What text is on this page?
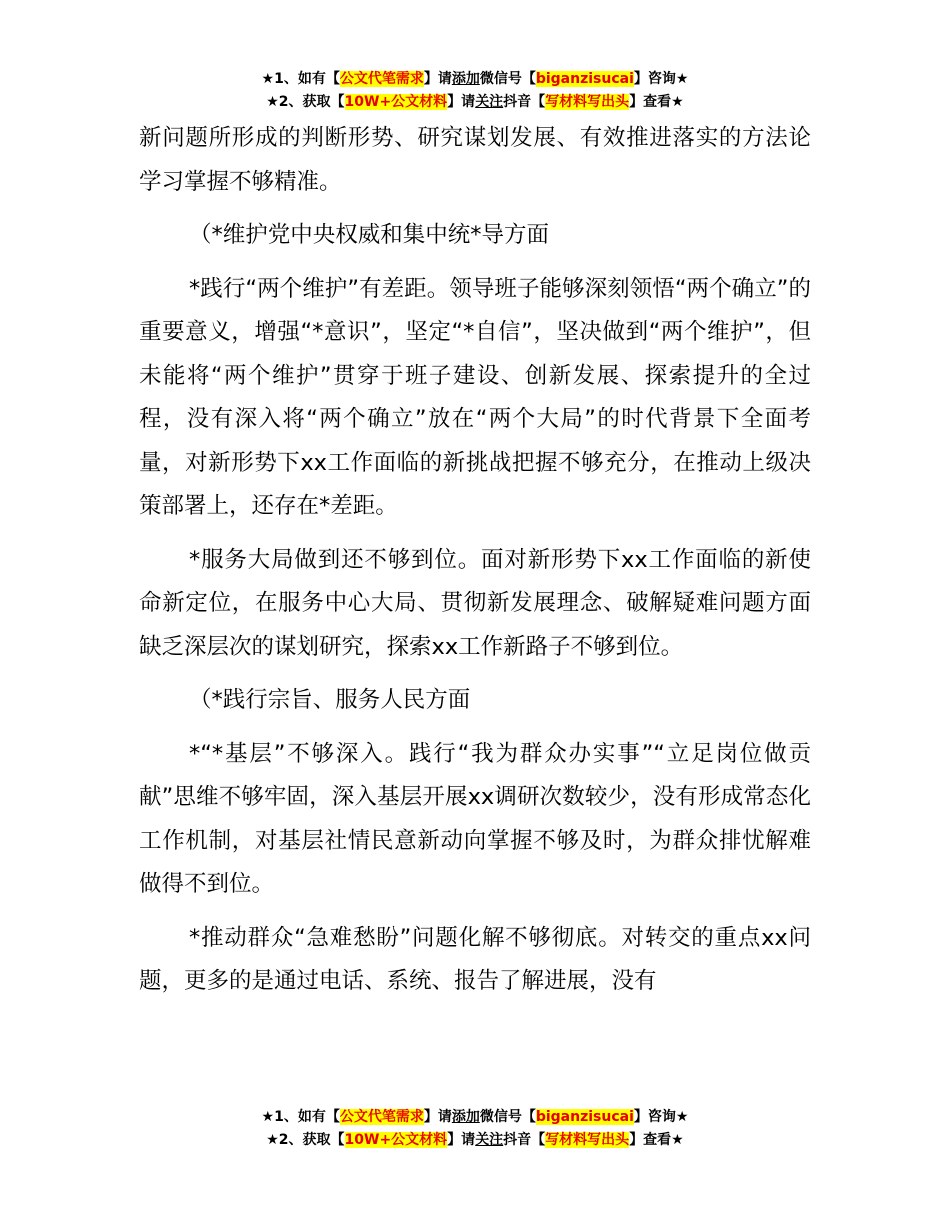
★1、如有【公文代笔需求】请添加微信号【biganzisucai】咨询★
★2、获取【10W+公文材料】请关注抖音【写材料写出头】查看★

新问题所形成的判断形势、研究谋划发展、有效推进落实的方法论学习掌握不够精准。

（*维护党中央权威和集中统*导方面

*践行“两个维护”有差距。领导班子能够深刻领悟“两个确立”的重要意义，增强“*意识”，坚定“*自信”，坚决做到“两个维护”，但未能将“两个维护”贯穿于班子建设、创新发展、探索提升的全过程，没有深入将“两个确立”放在“两个大局”的时代背景下全面考量，对新形势下xx工作面临的新挑战把握不够充分，在推动上级决策部署上，还存在*差距。

*服务大局做到还不够到位。面对新形势下xx工作面临的新使命新定位，在服务中心大局、贯彻新发展理念、破解疑难问题方面缺乏深层次的谋划研究，探索xx工作新路子不够到位。

（*践行宗旨、服务人民方面

*“*基层”不够深入。践行“我为群众办实事”“立足岗位做贡献”思维不够牢固，深入基层开展xx调研次数较少，没有形成常态化工作机制，对基层社情民意新动向掌握不够及时，为群众排忧解难做得不到位。

*推动群众“急难愁盼”问题化解不够彻底。对转交的重点xx问题，更多的是通过电话、系统、报告了解进展，没有

★1、如有【公文代笔需求】请添加微信号【biganzisucai】咨询★
★2、获取【10W+公文材料】请关注抖音【写材料写出头】查看★
